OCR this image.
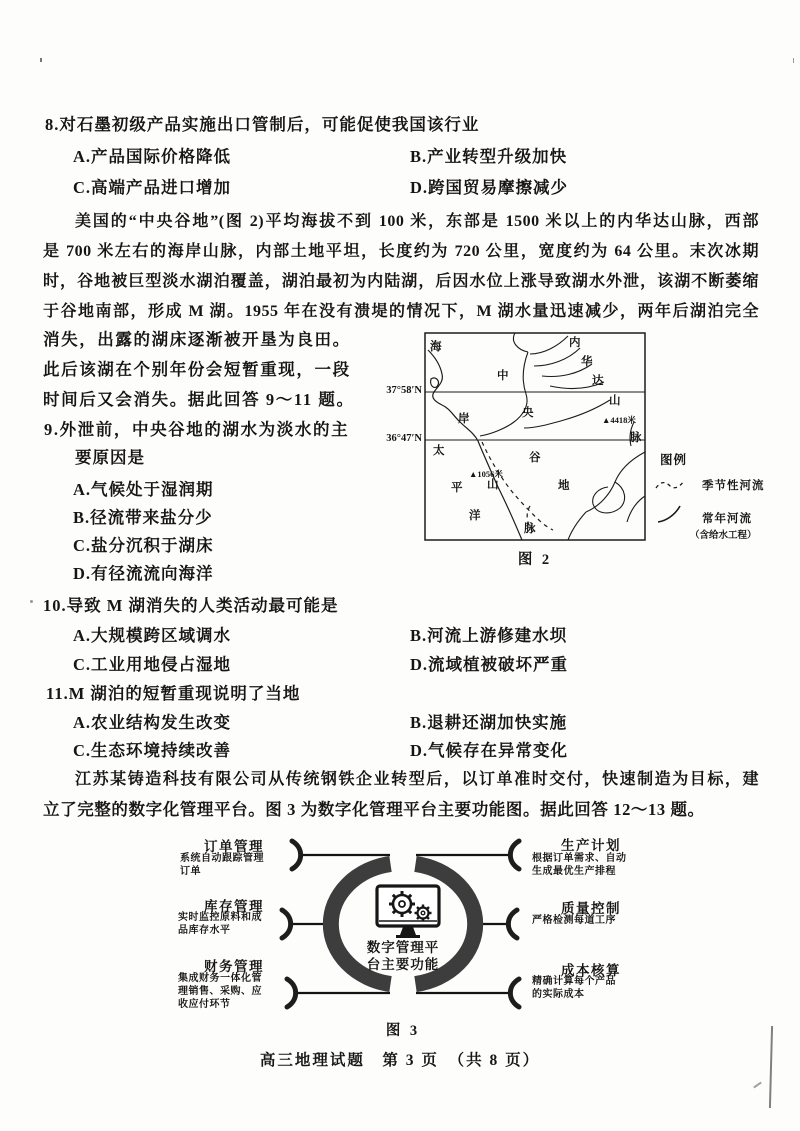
8.对石墨初级产品实施出口管制后，可能促使我国该行业
A.产品国际价格降低	B.产业转型升级加快
C.高端产品进口增加	D.跨国贸易摩擦减少
美国的“中央谷地”(图 2)平均海拔不到 100 米，东部是 1500 米以上的内华达山脉，西部
是 700 米左右的海岸山脉，内部土地平坦，长度约为 720 公里，宽度约为 64 公里。末次冰期
时，谷地被巨型淡水湖泊覆盖，湖泊最初为内陆湖，后因水位上涨导致湖水外泄，该湖不断萎缩
于谷地南部，形成 M 湖。1955 年在没有溃堤的情况下，M 湖水量迅速减少，两年后湖泊完全
消失，出露的湖床逐渐被开垦为良田。
此后该湖在个别年份会短暂重现，一段
时间后又会消失。据此回答 9～11 题。
9.外泄前，中央谷地的湖水为淡水的主
要原因是
A.气候处于湿润期
B.径流带来盐分少
C.盐分沉积于湖床
D.有径流流向海洋
37°58′N
36°47′N
海
岸
内
华
达
山
脉
中
央
谷
地
太
平
洋
山
脉
▲4418米
▲1056米
图例
季节性河流
常年河流
（含给水工程）
图 2
10.导致 M 湖消失的人类活动最可能是
A.大规模跨区域调水	B.河流上游修建水坝
C.工业用地侵占湿地	D.流域植被破坏严重
11.M 湖泊的短暂重现说明了当地
A.农业结构发生改变	B.退耕还湖加快实施
C.生态环境持续改善	D.气候存在异常变化
江苏某铸造科技有限公司从传统钢铁企业转型后，以订单准时交付，快速制造为目标，建
立了完整的数字化管理平台。图 3 为数字化管理平台主要功能图。据此回答 12～13 题。
数字管理平
台主要功能
订单管理
系统自动跟踪管理订单
库存管理
实时监控原料和成品库存水平
财务管理
集成财务一体化管理销售、采购、应收应付环节
生产计划
根据订单需求、自动生成最优生产排程
质量控制
严格检测每道工序
成本核算
精确计算每个产品的实际成本
图 3
高三地理试题　第 3 页　（共 8 页）
